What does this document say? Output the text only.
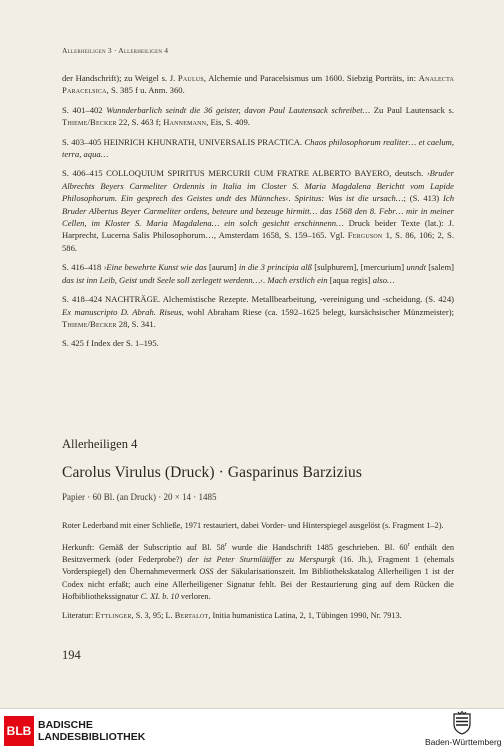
Allerheiligen 3 · Allerheiligen 4

der Handschrift); zu Weigel s. J. Paulus, Alchemie und Paracelsismus um 1600. Siebzig Porträts, in: Analecta Paracelsica, S. 385 f u. Anm. 360.

S. 401–402 Wunnderbarlich seindt die 36 geister, davon Paul Lautensack schreibet… Zu Paul Lautensack s. Thieme/Becker 22, S. 463 f; Hannemann, Eis, S. 409.

S. 403–405 HEINRICH KHUNRATH, UNIVERSALIS PRACTICA. Chaos philosophorum realiter… et caelum, terra, aqua…

S. 406–415 COLLOQUIUM SPIRITUS MERCURII CUM FRATRE ALBERTO BAYERO, deutsch. ›Bruder Albrechts Beyers Carmeliter Ordennis in Italia im Closter S. Maria Magdalena Berichtt vom Lapide Philosophorum. Ein gesprech des Geistes undt des Münnches‹. Spiritus: Was ist die ursach…; (S. 413) Ich Bruder Albertus Beyer Carmeliter ordens, beteure und bezeuge hirmitt… das 1568 den 8. Febr… mir in meiner Cellen, im Kloster S. Maria Magdalena… ein solch gesichtt erschinnenn… Druck beider Texte (lat.): J. Harprecht, Lucerna Salis Philosophorum…, Amsterdam 1658, S. 159–165. Vgl. Ferguson 1, S. 86, 106; 2, S. 586.

S. 416–418 ›Eine bewehrte Kunst wie das [aurum] in die 3 principia alß [sulphurem], [mercurium] unndt [salem] das ist inn Leib, Geist undt Seele soll zerlegett werdenn…‹. Mach erstlich ein [aqua regis] also…

S. 418–424 NACHTRÄGE. Alchemistische Rezepte. Metallbearbeitung, -vereinigung und -scheidung. (S. 424) Ex manuscripto D. Abrah. Riseus, wohl Abraham Riese (ca. 1592–1625 belegt, kursächsischer Münzmeister); Thieme/Becker 28, S. 341.

S. 425 f Index der S. 1–195.

Allerheiligen 4
Carolus Virulus (Druck) · Gasparinus Barzizius
Papier · 60 Bl. (an Druck) · 20 × 14 · 1485

Roter Lederband mit einer Schließe, 1971 restauriert, dabei Vorder- und Hinterspiegel ausgelöst (s. Fragment 1–2).

Herkunft: Gemäß der Subscriptio auf Bl. 58$^r$ wurde die Handschrift 1485 geschrieben. Bl. 60$^r$ enthält den Besitzvermerk (oder Federprobe?) der ist Peter Sturmläüffer zu Merspurgk (16. Jh.), Fragment 1 (ehemals Vorderspiegel) den Übernahmevermerk OSS der Säkularisationszeit. Im Bibliothekskatalog Allerheiligen 1 ist der Codex nicht erfaßt; auch eine Allerheiligener Signatur fehlt. Bei der Restaurierung ging auf dem Rücken die Hofbibliothekssignatur C. XI. b. 10 verloren.

Literatur: Ettlinger, S. 3, 95; L. Bertalot, Initia humanistica Latina, 2, 1, Tübingen 1990, Nr. 7913.

194
BLB BADISCHE
LANDESBIBLIOTHEK	Baden-Württemberg
